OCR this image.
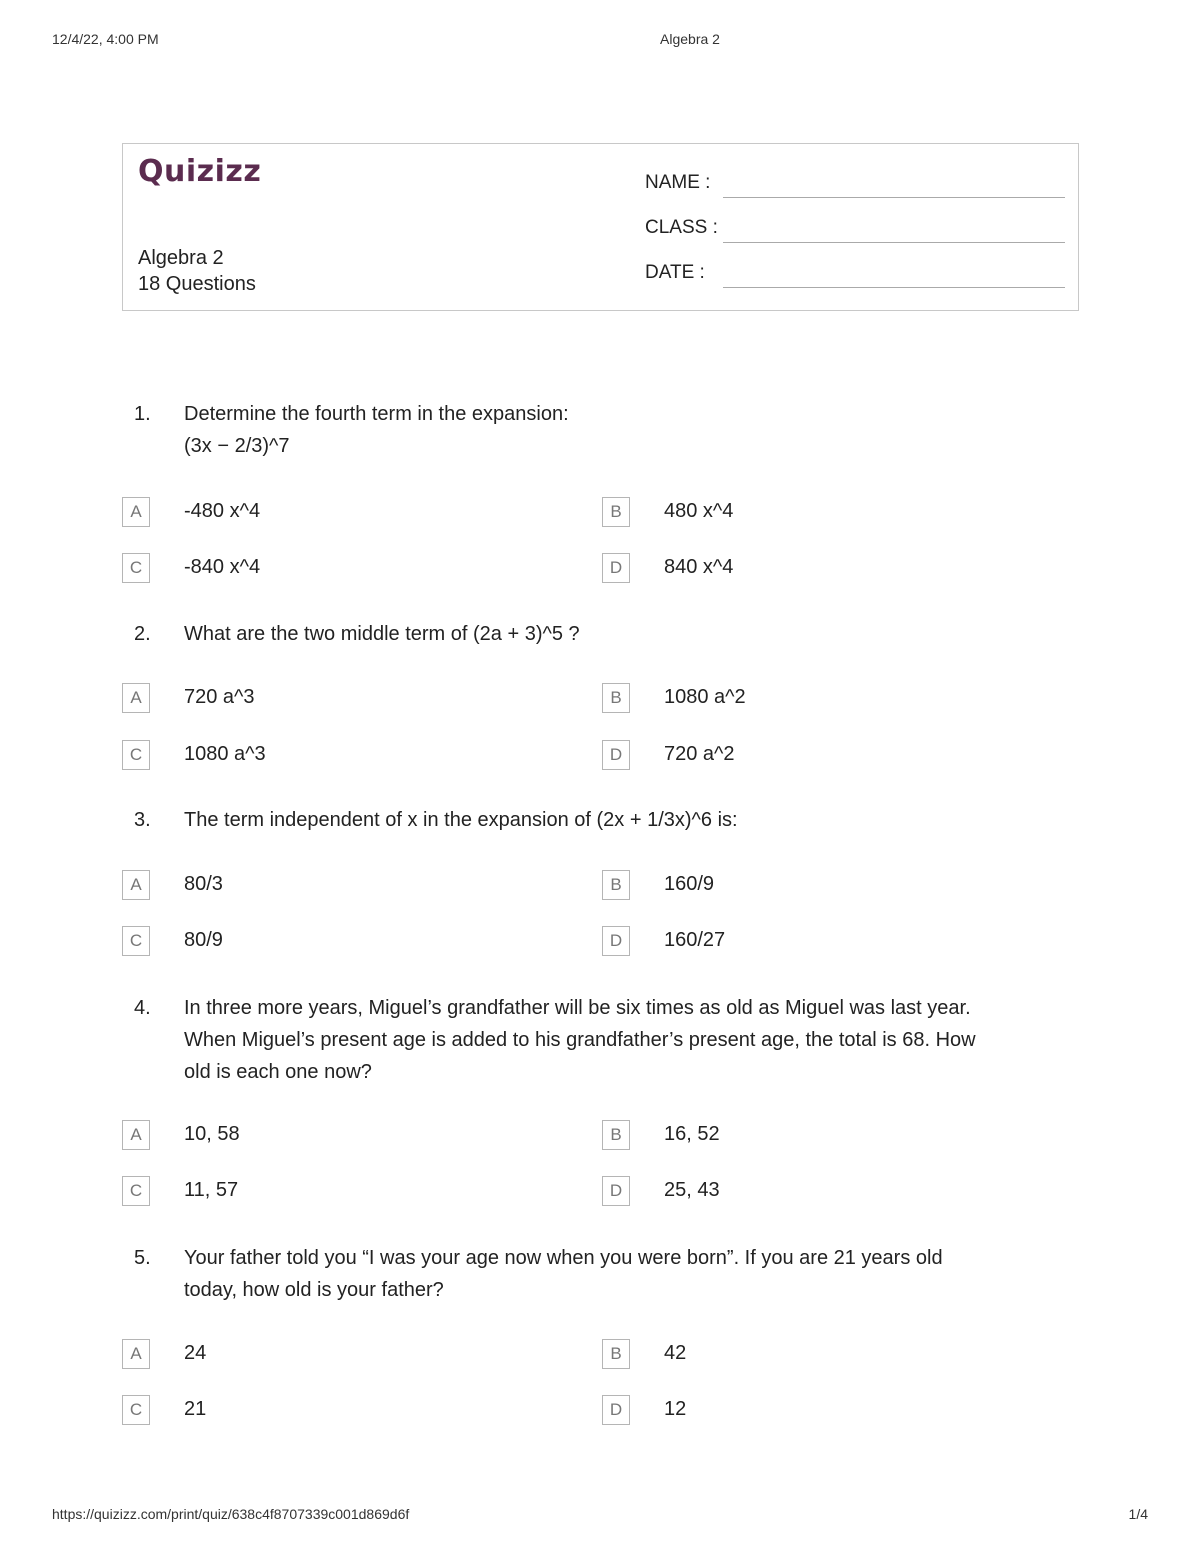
12/4/22, 4:00 PM	Algebra 2
Quizizz
Algebra 2
18 Questions
NAME :
CLASS :
DATE :
1. Determine the fourth term in the expansion:
(3x − 2/3)^7
A	-480 x^4	B	480 x^4
C	-840 x^4	D	840 x^4
2. What are the two middle term of (2a + 3)^5 ?
A	720 a^3	B	1080 a^2
C	1080 a^3	D	720 a^2
3. The term independent of x in the expansion of (2x + 1/3x)^6 is:
A	80/3	B	160/9
C	80/9	D	160/27
4. In three more years, Miguel’s grandfather will be six times as old as Miguel was last year.
When Miguel’s present age is added to his grandfather’s present age, the total is 68. How
old is each one now?
A	10, 58	B	16, 52
C	11, 57	D	25, 43
5. Your father told you “I was your age now when you were born”. If you are 21 years old
today, how old is your father?
A	24	B	42
C	21	D	12
https://quizizz.com/print/quiz/638c4f8707339c001d869d6f	1/4
